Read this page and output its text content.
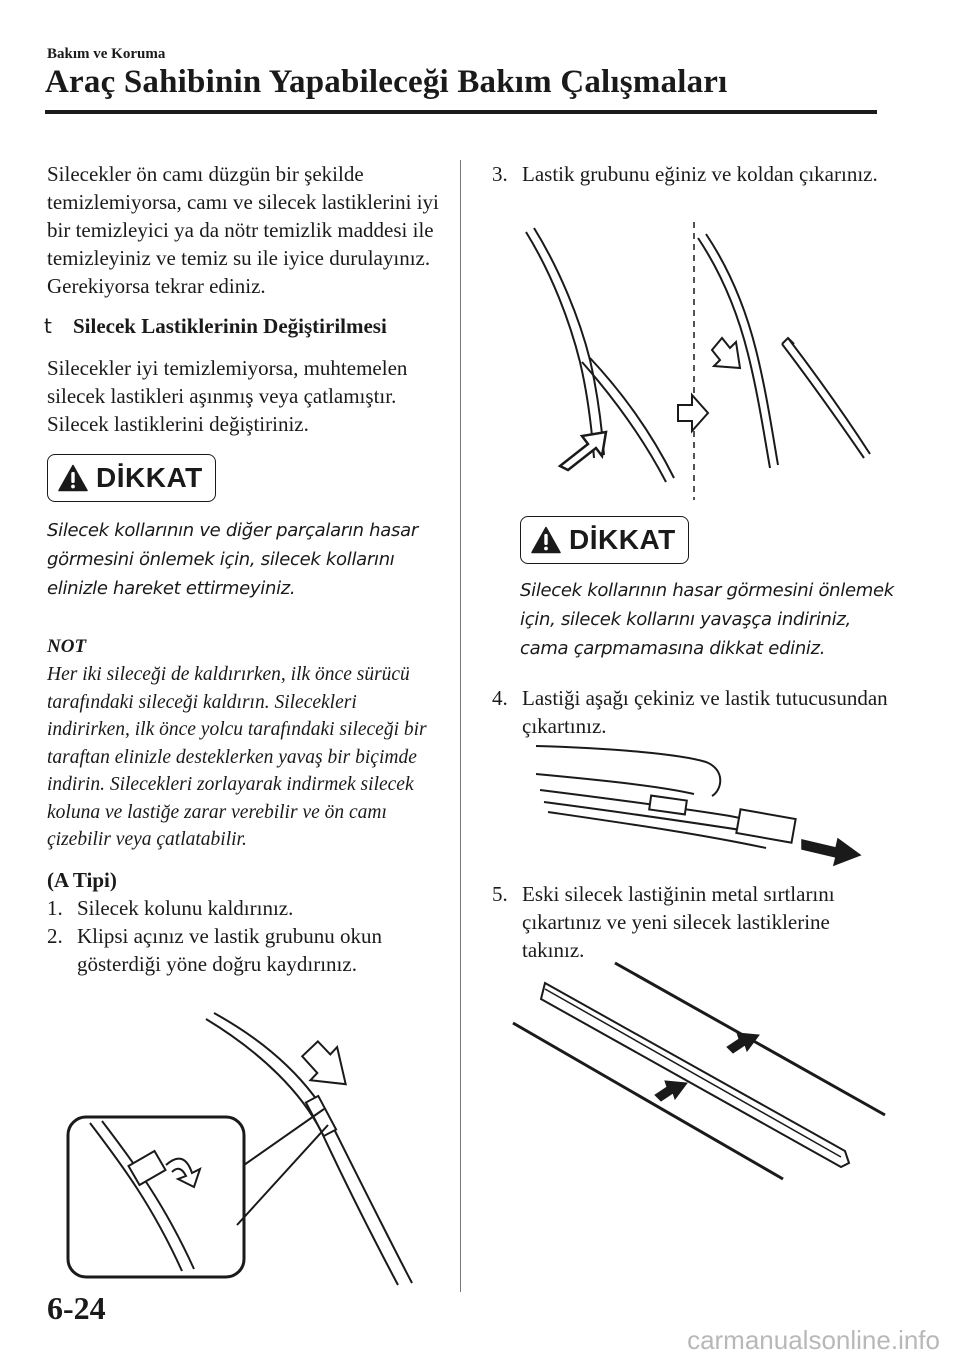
Bakım ve Koruma
Araç Sahibinin Yapabileceği Bakım Çalışmaları

Silecekler ön camı düzgün bir şekilde temizlemiyorsa, camı ve silecek lastiklerini iyi bir temizleyici ya da nötr temizlik maddesi ile temizleyiniz ve temiz su ile iyice durulayınız. Gerekiyorsa tekrar ediniz.

t Silecek Lastiklerinin Değiştirilmesi

Silecekler iyi temizlemiyorsa, muhtemelen silecek lastikleri aşınmış veya çatlamıştır. Silecek lastiklerini değiştiriniz.

DİKKAT

Silecek kollarının ve diğer parçaların hasar görmesini önlemek için, silecek kollarını elinizle hareket ettirmeyiniz.

NOT

Her iki sileceği de kaldırırken, ilk önce sürücü tarafındaki sileceği kaldırın. Silecekleri indirirken, ilk önce yolcu tarafındaki sileceği bir taraftan elinizle desteklerken yavaş bir biçimde indirin. Silecekleri zorlayarak indirmek silecek koluna ve lastiğe zarar verebilir ve ön camı çizebilir veya çatlatabilir.

(A Tipi)

1. Silecek kolunu kaldırınız.
2. Klipsi açınız ve lastik grubunu okun gösterdiği yöne doğru kaydırınız.
3. Lastik grubunu eğiniz ve koldan çıkarınız.
DİKKAT

Silecek kollarının hasar görmesini önlemek için, silecek kollarını yavaşça indiriniz, cama çarpmamasına dikkat ediniz.

4. Lastiği aşağı çekiniz ve lastik tutucusundan çıkartınız.
5. Eski silecek lastiğinin metal sırtlarını çıkartınız ve yeni silecek lastiklerine takınız.
6-24
carmanualsonline.info
